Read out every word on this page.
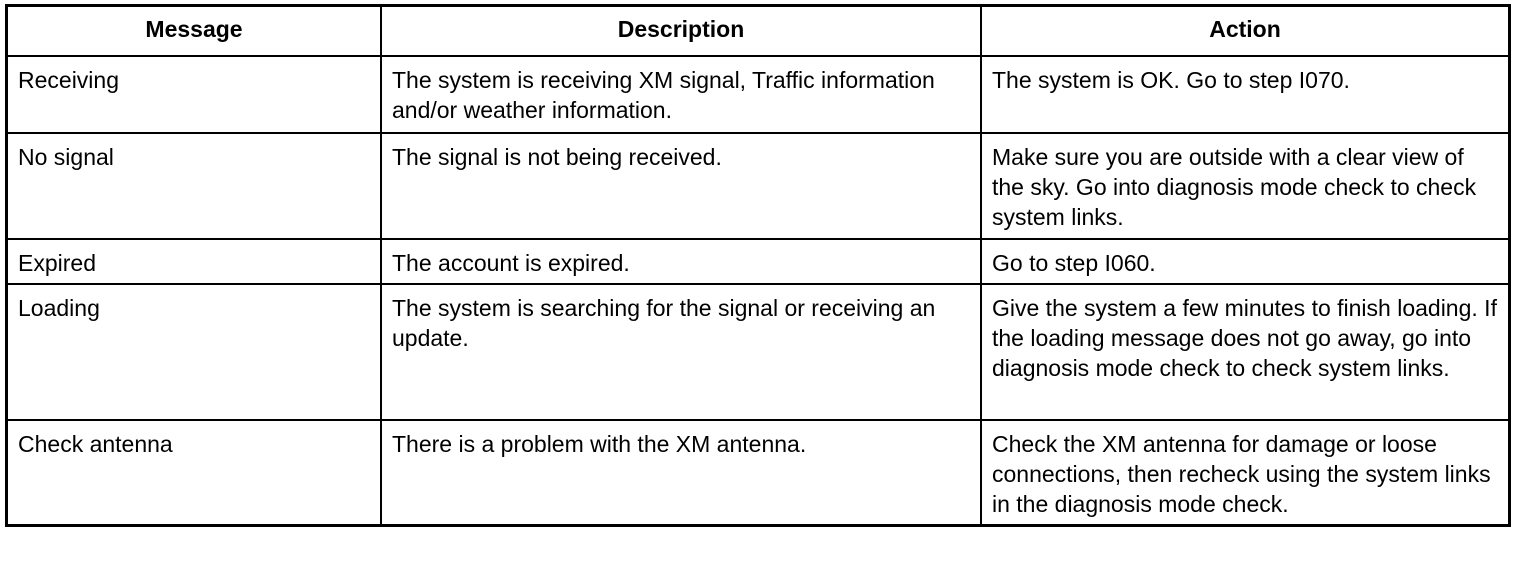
Message	Description	Action
Receiving	The system is receiving XM signal, Traffic information and/or weather information.	The system is OK. Go to step I070.
No signal	The signal is not being received.	Make sure you are outside with a clear view of the sky. Go into diagnosis mode check to check system links.
Expired	The account is expired.	Go to step I060.
Loading	The system is searching for the signal or receiving an update.	Give the system a few minutes to finish loading. If the loading message does not go away, go into diagnosis mode check to check system links.
Check antenna	There is a problem with the XM antenna.	Check the XM antenna for damage or loose connections, then recheck using the system links in the diagnosis mode check.
